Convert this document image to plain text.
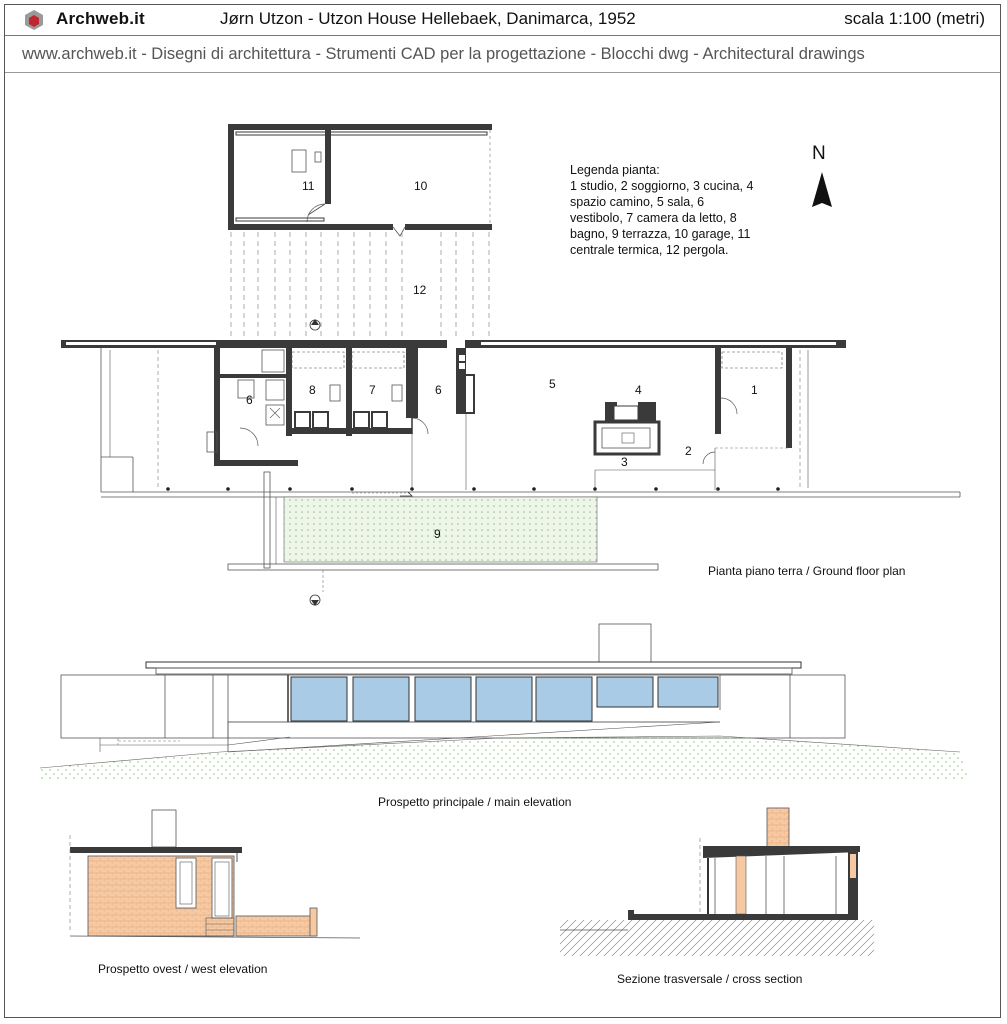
Archweb.it	Jørn Utzon - Utzon House Hellebaek, Danimarca, 1952	scala 1:100 (metri)
www.archweb.it - Disegni di architettura - Strumenti CAD per la progettazione - Blocchi dwg - Architectural drawings
11	10
12
6
8	7	6	5	4	1
2
3
9
Legenda pianta:
1 studio, 2 soggiorno, 3 cucina, 4
spazio camino, 5 sala, 6
vestibolo, 7 camera da letto, 8
bagno, 9 terrazza, 10 garage, 11
centrale termica, 12 pergola.
N
Pianta piano terra / Ground floor plan
Prospetto principale / main elevation
Prospetto ovest / west elevation
Sezione trasversale / cross section
